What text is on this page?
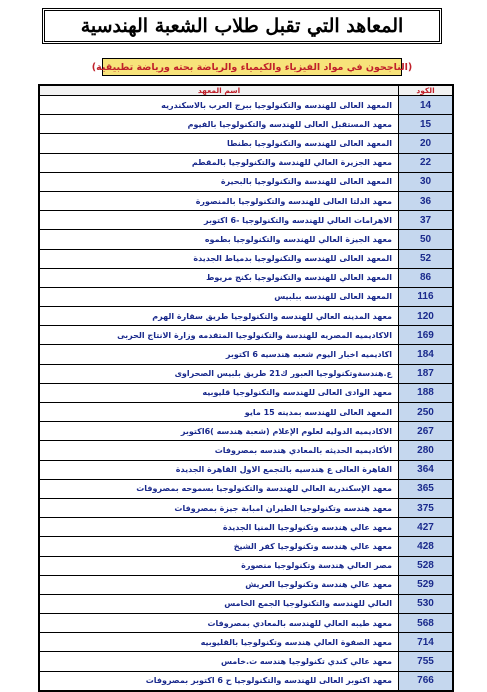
المعاهد التي تقبل طلاب الشعبة الهندسية
(الناجحون في مواد الفيزياء والكيمياء والرياضة بحته ورياضة تطبيقية)
الكود	اسم المعهد
14	المعهد العالى للهندسه والتكنولوجيا ببرج العرب بالاسكندريه
15	معهد المستقبل العالى للهندسه والتكنولوجيا بالفيوم
20	المعهد العالى للهندسه والتكنولوجيا بطنطا
22	معهد الجزيرة العالي للهندسة والتكنولوجيا بالمقطم
30	المعهد العالى للهندسة والتكنولوجيا بالبحيرة
36	معهد الدلتا العالى للهندسه والتكنولوجيا بالمنصورة
37	الاهرامات العالي للهندسه والتكنولوجيا -6 اكتوبر
50	معهد الجيزة العالي للهندسه والتكنولوجيا بطموه
52	المعهد العالى للهندسه والتكنولوجيا بدمياط الجديدة
86	المعهد العالي للهندسه والتكنولوجيا بكنج مريوط
116	المعهد العالى للهندسه ببلبيس
120	معهد المدينه العالي للهندسه والتكنولوجيا طريق سقارة الهرم
169	الاكاديميه المصريه للهندسة والتكنولوجيا المتقدمه وزارة الانتاج الحربى
184	اكاديميه اخبار اليوم شعبه هندسيه 6 اكتوبر
187	ع.هندسةوتكنولوجيا العبور ك21 طريق بلبيس الصحراوى
188	معهد الوادى العالى للهندسه والتكنولوجيا قليوبيه
250	المعهد العالى للهندسه بمدينه 15 مايو
267	الاكاديميه الدوليه لعلوم الإعلام (شعبة هندسه )6اكتوبر
280	الأكاديميه الحديثه بالمعادي هندسه بمصروفات
364	القاهرة العالى ع هندسيه بالتجمع الاول القاهرة الجديدة
365	معهد الإسكندرية العالي للهندسة والتكنولوجيا بسموحه بمصروفات
375	معهد هندسه وتكنولوجيا الطيران امبابة جيزة بمصروفات
427	معهد عالي هندسه وتكنولوجيا المنيا الجديدة
428	معهد عالي هندسه وتكنولوجيا كفر الشيخ
528	مصر العالي هندسة وتكنولوجيا منصورة
529	معهد عالي هندسة وتكنولوجيا العريش
530	العالي للهندسه والتكنولوجيا الجمع الخامس
568	معهد طيبه العالي للهندسه بالمعادي بمصروفات
714	معهد الصفوة العالي هندسه وتكنولوجيا بالقليوبيه
755	معهد عالي كندي تكنولوجيا هندسه ت.خامس
766	معهد اكتوبر العالى للهندسه والتكنولوجيا ح 6 اكتوبر بمصروفات
